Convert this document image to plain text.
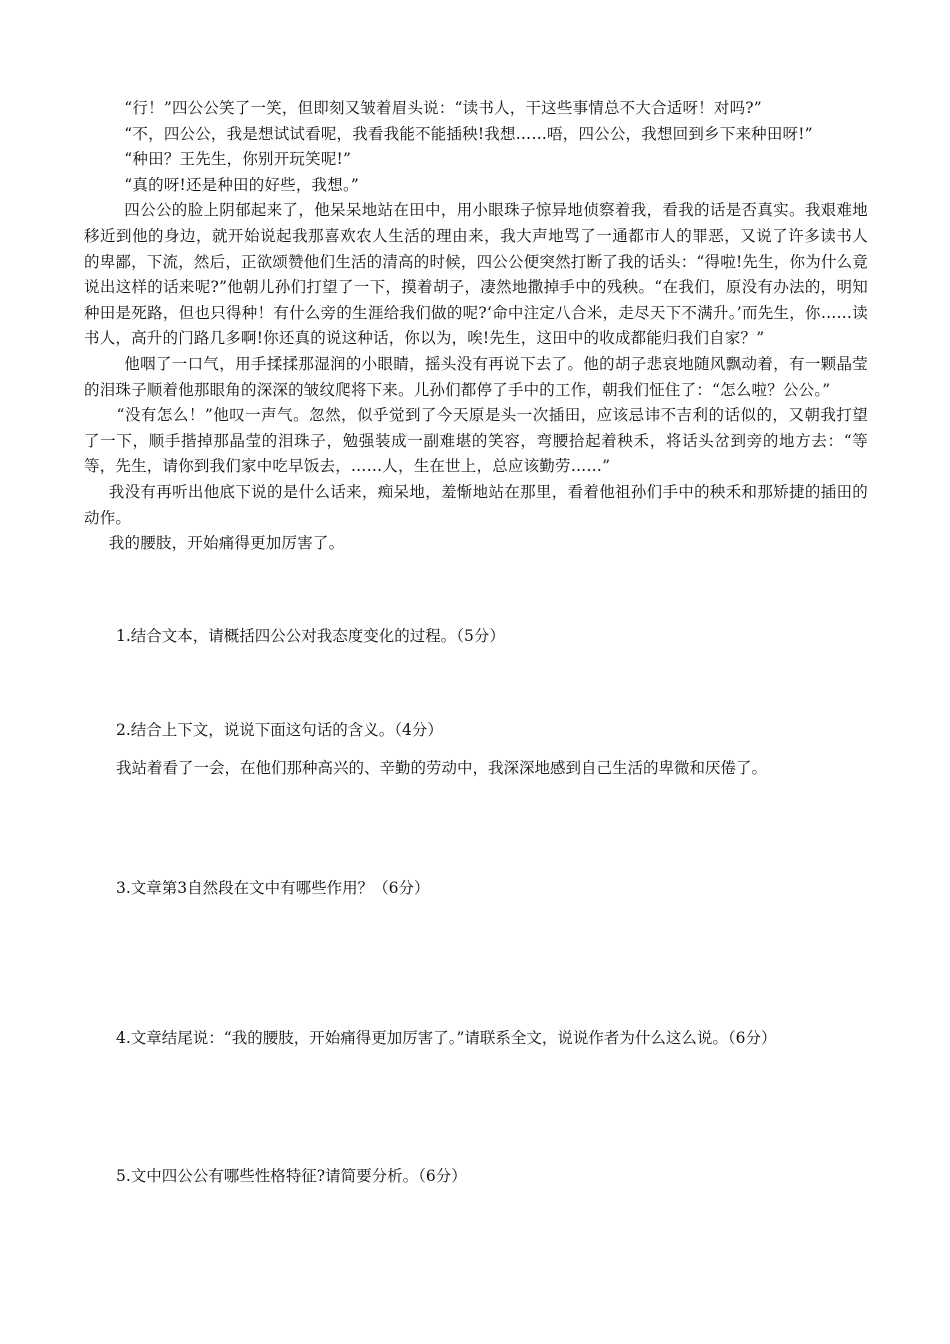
“行！”四公公笑了一笑，但即刻又皱着眉头说：“读书人，干这些事情总不大合适呀！对吗?”

“不，四公公，我是想试试看呢，我看我能不能插秧!我想……唔，四公公，我想回到乡下来种田呀!”

“种田？王先生，你别开玩笑呢!”

“真的呀!还是种田的好些，我想。”

四公公的脸上阴郁起来了，他呆呆地站在田中，用小眼珠子惊异地侦察着我，看我的话是否真实。我艰难地移近到他的身边，就开始说起我那喜欢农人生活的理由来，我大声地骂了一通都市人的罪恶，又说了许多读书人的卑鄙，下流，然后，正欲颂赞他们生活的清高的时候，四公公便突然打断了我的话头：“得啦!先生，你为什么竟说出这样的话来呢?”他朝儿孙们打望了一下，摸着胡子，凄然地撒掉手中的残秧。“在我们，原没有办法的，明知种田是死路，但也只得种！有什么旁的生涯给我们做的呢?‘命中注定八合米，走尽天下不满升。’而先生，你……读书人，高升的门路几多啊!你还真的说这种话，你以为，唉!先生，这田中的收成都能归我们自家？”

他咽了一口气，用手揉揉那湿润的小眼睛，摇头没有再说下去了。他的胡子悲哀地随风飘动着，有一颗晶莹的泪珠子顺着他那眼角的深深的皱纹爬将下来。儿孙们都停了手中的工作，朝我们怔住了：“怎么啦？公公。”

“没有怎么！”他叹一声气。忽然，似乎觉到了今天原是头一次插田，应该忌讳不吉利的话似的，又朝我打望了一下，顺手揩掉那晶莹的泪珠子，勉强装成一副难堪的笑容，弯腰拾起着秧禾，将话头岔到旁的地方去：“等等，先生，请你到我们家中吃早饭去，……人，生在世上，总应该勤劳……”

我没有再听出他底下说的是什么话来，痴呆地，羞惭地站在那里，看着他祖孙们手中的秧禾和那矫捷的插田的动作。

我的腰肢，开始痛得更加厉害了。

1.结合文本，请概括四公公对我态度变化的过程。（5分）

2.结合上下文，说说下面这句话的含义。（4分）

我站着看了一会，在他们那种高兴的、辛勤的劳动中，我深深地感到自己生活的卑微和厌倦了。

3.文章第3自然段在文中有哪些作用？（6分）

4.文章结尾说：“我的腰肢，开始痛得更加厉害了。”请联系全文，说说作者为什么这么说。（6分）

5.文中四公公有哪些性格特征?请简要分析。（6分）
